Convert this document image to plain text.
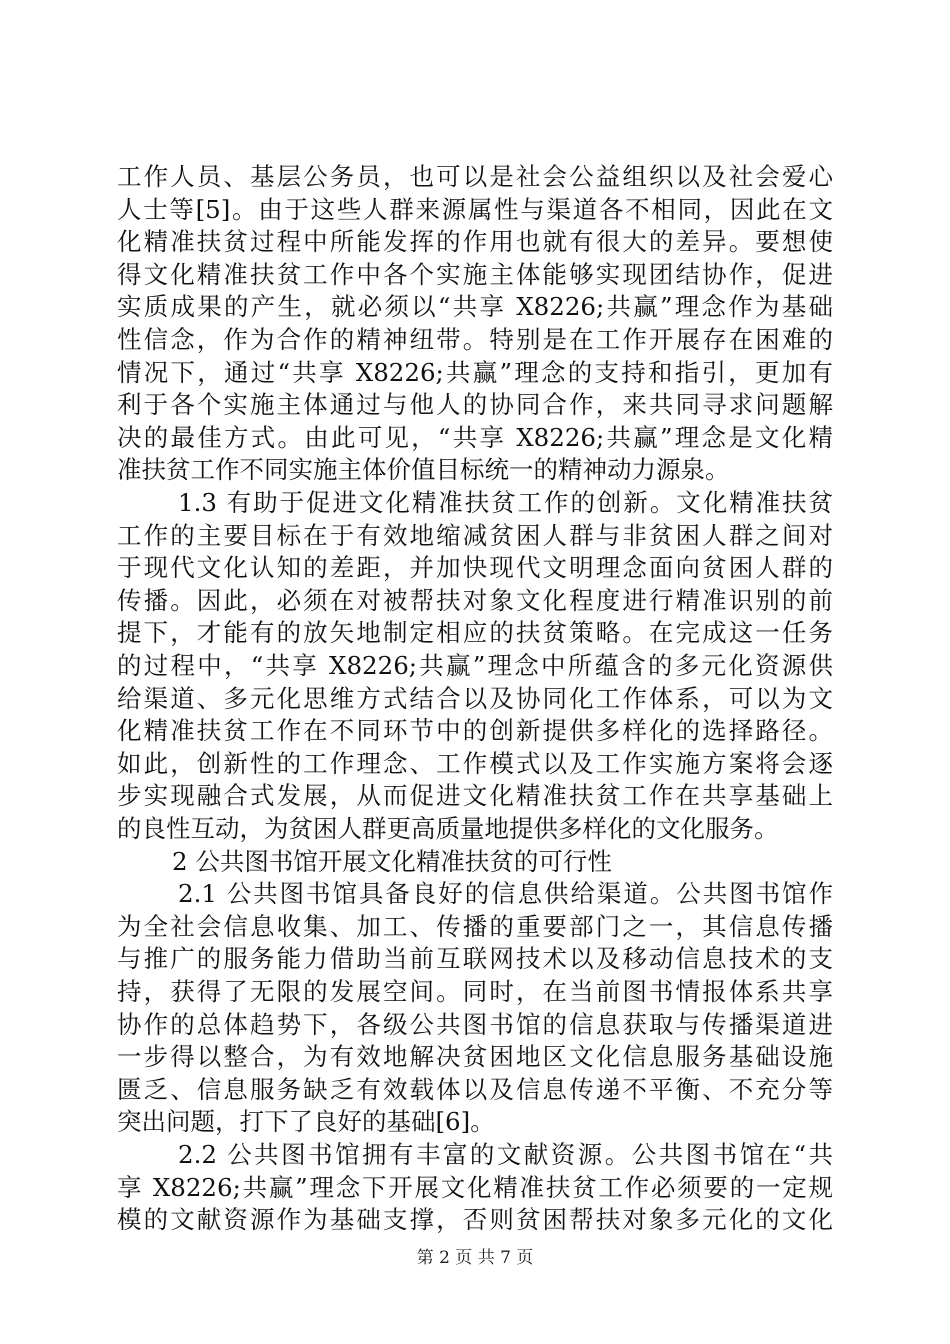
工作人员、基层公务员，也可以是社会公益组织以及社会爱心
人士等[5]。由于这些人群来源属性与渠道各不相同，因此在文
化精准扶贫过程中所能发挥的作用也就有很大的差异。要想使
得文化精准扶贫工作中各个实施主体能够实现团结协作，促进
实质成果的产生，就必须以“共享 X8226;共赢”理念作为基础
性信念，作为合作的精神纽带。特别是在工作开展存在困难的
情况下，通过“共享 X8226;共赢”理念的支持和指引，更加有
利于各个实施主体通过与他人的协同合作，来共同寻求问题解
决的最佳方式。由此可见，“共享 X8226;共赢”理念是文化精
准扶贫工作不同实施主体价值目标统一的精神动力源泉。
1.3 有助于促进文化精准扶贫工作的创新。文化精准扶贫
工作的主要目标在于有效地缩减贫困人群与非贫困人群之间对
于现代文化认知的差距，并加快现代文明理念面向贫困人群的
传播。因此，必须在对被帮扶对象文化程度进行精准识别的前
提下，才能有的放矢地制定相应的扶贫策略。在完成这一任务
的过程中，“共享 X8226;共赢”理念中所蕴含的多元化资源供
给渠道、多元化思维方式结合以及协同化工作体系，可以为文
化精准扶贫工作在不同环节中的创新提供多样化的选择路径。
如此，创新性的工作理念、工作模式以及工作实施方案将会逐
步实现融合式发展，从而促进文化精准扶贫工作在共享基础上
的良性互动，为贫困人群更高质量地提供多样化的文化服务。
2 公共图书馆开展文化精准扶贫的可行性
2.1 公共图书馆具备良好的信息供给渠道。公共图书馆作
为全社会信息收集、加工、传播的重要部门之一，其信息传播
与推广的服务能力借助当前互联网技术以及移动信息技术的支
持，获得了无限的发展空间。同时，在当前图书情报体系共享
协作的总体趋势下，各级公共图书馆的信息获取与传播渠道进
一步得以整合，为有效地解决贫困地区文化信息服务基础设施
匮乏、信息服务缺乏有效载体以及信息传递不平衡、不充分等
突出问题，打下了良好的基础[6]。
2.2 公共图书馆拥有丰富的文献资源。公共图书馆在“共
享 X8226;共赢”理念下开展文化精准扶贫工作必须要的一定规
模的文献资源作为基础支撑，否则贫困帮扶对象多元化的文化
第 2 页 共 7 页
